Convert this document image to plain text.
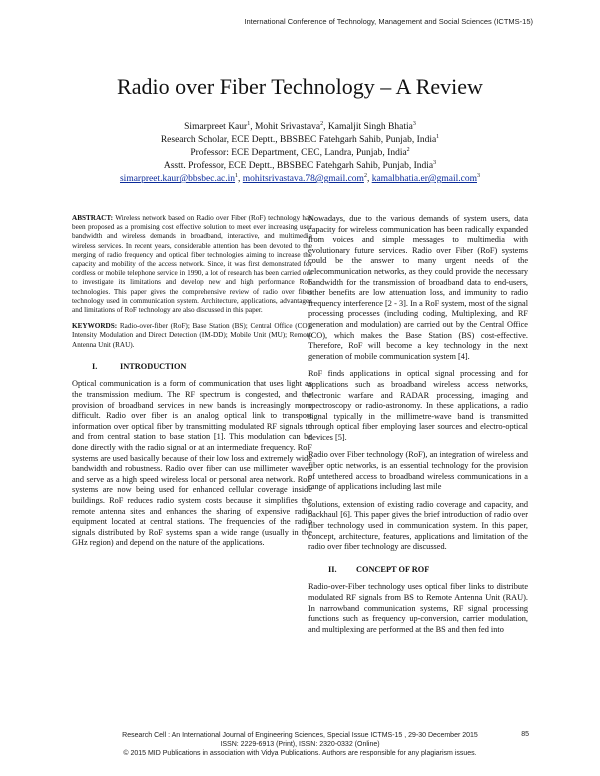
International Conference of Technology, Management and Social Sciences (ICTMS-15)
Radio over Fiber Technology – A Review
Simarpreet Kaur$^1$, Mohit Srivastava$^2$, Kamaljit Singh Bhatia$^3$
Research Scholar, ECE Deptt., BBSBEC Fatehgarh Sahib, Punjab, India$^1$
Professor: ECE Department, CEC, Landra, Punjab, India$^2$
Asstt. Professor, ECE Deptt., BBSBEC Fatehgarh Sahib, Punjab, India$^3$
$simarpreet.kaur@bbsbec.ac.in^1$, mohitsrivastava.78@gmail.com$^2$, kamalbhatia.er@gmail.com$^3$

ABSTRACT: Wireless network based on Radio over Fiber (RoF) technology has been proposed as a promising cost effective solution to meet ever increasing user bandwidth and wireless demands in broadband, interactive, and multimedia wireless services. In recent years, considerable attention has been devoted to the merging of radio frequency and optical fiber technologies aiming to increase the capacity and mobility of the access network. Since, it was first demonstrated for cordless or mobile telephone service in 1990, a lot of research has been carried out to investigate its limitations and develop new and high performance RoF technologies. This paper gives the comprehensive review of radio over fiber technology used in communication system. Architecture, applications, advantages and limitations of RoF technology are also discussed in this paper.

KEYWORDS: Radio-over-fiber (RoF); Base Station (BS); Central Office (CO); Intensity Modulation and Direct Detection (IM-DD); Mobile Unit (MU); Remote Antenna Unit (RAU).

I.	INTRODUCTION

Optical communication is a form of communication that uses light as the transmission medium. The RF spectrum is congested, and the provision of broadband services in new bands is increasingly more difficult. Radio over fiber is an analog optical link to transport information over optical fiber by transmitting modulated RF signals to and from central station to base station [1]. This modulation can be done directly with the radio signal or at an intermediate frequency. RoF systems are used basically because of their low loss and extremely wide bandwidth and robustness. Radio over fiber can use millimeter waves and serve as a high speed wireless local or personal area network. RoF systems are now being used for enhanced cellular coverage inside buildings. RoF reduces radio system costs because it simplifies the remote antenna sites and enhances the sharing of expensive radio equipment located at central stations. The frequencies of the radio signals distributed by RoF systems span a wide range (usually in the GHz region) and depend on the nature of the applications.

Nowadays, due to the various demands of system users, data capacity for wireless communication has been radically expanded from voices and simple messages to multimedia with evolutionary future services. Radio over Fiber (RoF) systems could be the answer to many urgent needs of the telecommunication networks, as they could provide the necessary bandwidth for the transmission of broadband data to end-users, other benefits are low attenuation loss, and immunity to radio frequency interference [2 - 3]. In a RoF system, most of the signal processing processes (including coding, Multiplexing, and RF generation and modulation) are carried out by the Central Office (CO), which makes the Base Station (BS) cost-effective. Therefore, RoF will become a key technology in the next generation of mobile communication system [4].

RoF finds applications in optical signal processing and for applications such as broadband wireless access networks, electronic warfare and RADAR processing, imaging and spectroscopy or radio-astronomy. In these applications, a radio signal typically in the millimetre-wave band is transmitted through optical fiber employing laser sources and electro-optical devices [5].

Radio over Fiber technology (RoF), an integration of wireless and fiber optic networks, is an essential technology for the provision of untethered access to broadband wireless communications in a range of applications including last mile

solutions, extension of existing radio coverage and capacity, and backhaul [6]. This paper gives the brief introduction of radio over fiber technology used in communication system. In this paper, concept, architecture, features, applications and limitation of the radio over fiber technology are discussed.

II. CONCEPT OF ROF

Radio-over-Fiber technology uses optical fiber links to distribute modulated RF signals from BS to Remote Antenna Unit (RAU). In narrowband communication systems, RF signal processing functions such as frequency up-conversion, carrier modulation, and multiplexing are performed at the BS and then fed into

Research Cell : An International Journal of Engineering Sciences, Special Issue ICTMS-15 , 29-30 December 2015
ISSN: 2229-6913 (Print), ISSN: 2320-0332 (Online)
© 2015 MID Publications in association with Vidya Publications. Authors are responsible for any plagiarism issues.
85
